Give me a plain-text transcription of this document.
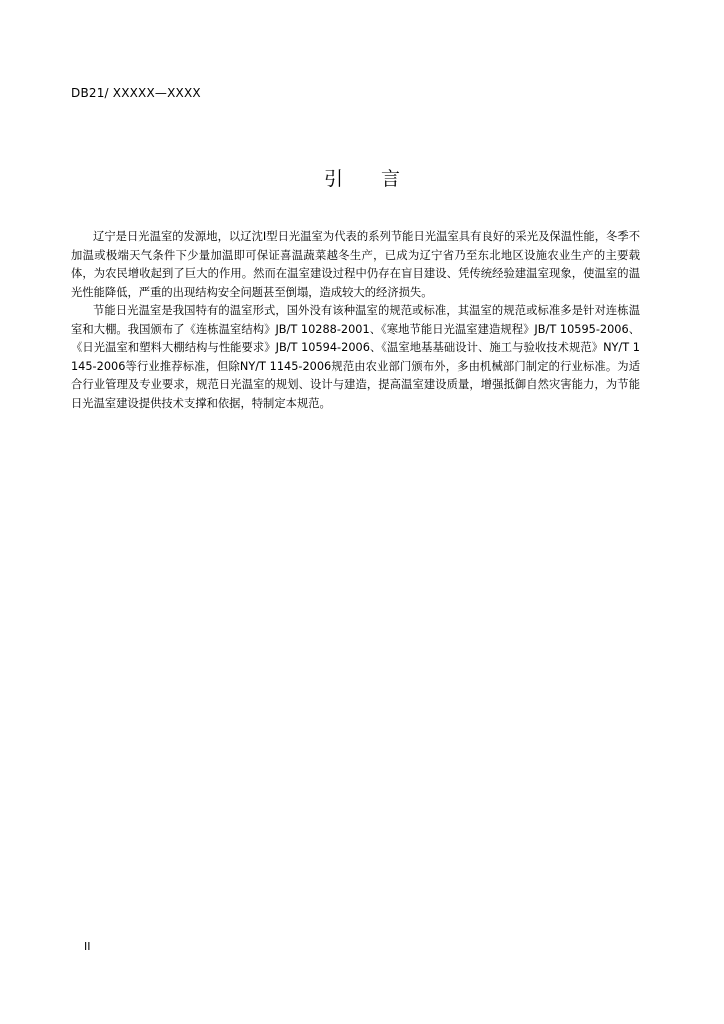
DB21/ XXXXX—XXXX
引言

辽宁是日光温室的发源地，以辽沈Ⅰ型日光温室为代表的系列节能日光温室具有良好的采光及保温性能，冬季不加温或极端天气条件下少量加温即可保证喜温蔬菜越冬生产，已成为辽宁省乃至东北地区设施农业生产的主要载体，为农民增收起到了巨大的作用。然而在温室建设过程中仍存在盲目建设、凭传统经验建温室现象，使温室的温光性能降低，严重的出现结构安全问题甚至倒塌，造成较大的经济损失。

节能日光温室是我国特有的温室形式，国外没有该种温室的规范或标准，其温室的规范或标准多是针对连栋温室和大棚。我国颁布了《连栋温室结构》JB/T 10288-2001、《寒地节能日光温室建造规程》JB/T 10595-2006、《日光温室和塑料大棚结构与性能要求》JB/T 10594-2006、《温室地基基础设计、施工与验收技术规范》NY/T 1145-2006等行业推荐标准，但除NY/T 1145-2006规范由农业部门颁布外，多由机械部门制定的行业标准。为适合行业管理及专业要求，规范日光温室的规划、设计与建造，提高温室建设质量，增强抵御自然灾害能力，为节能日光温室建设提供技术支撑和依据，特制定本规范。

II
